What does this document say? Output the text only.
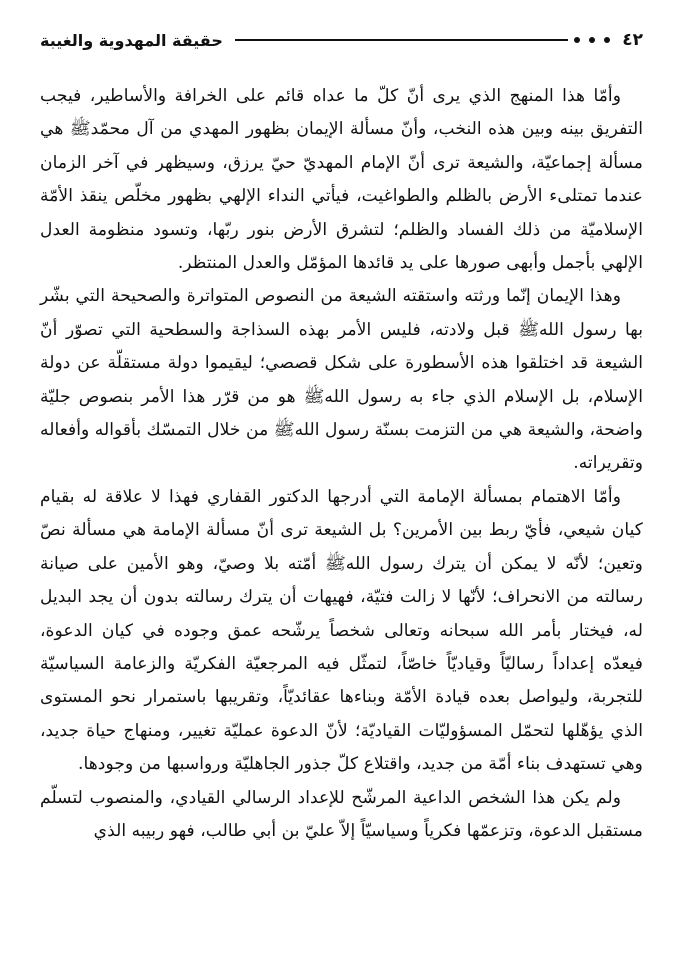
٤٢
حقيقة المهدوية والغيبة

وأمّا هذا المنهج الذي يرى أنّ كلّ ما عداه قائم على الخرافة والأساطير، فيجب التفريق بينه وبين هذه النخب، وأنّ مسألة الإيمان بظهور المهدي من آل محمّدﷺ هي مسألة إجماعيّة، والشيعة ترى أنّ الإمام المهديّ حيّ يرزق، وسيظهر في آخر الزمان عندما تمتلىء الأرض بالظلم والطواغيت، فيأتي النداء الإلهي بظهور مخلّص ينقذ الأمّة الإسلاميّة من ذلك الفساد والظلم؛ لتشرق الأرض بنور ربّها، وتسود منظومة العدل الإلهي بأجمل وأبهى صورها على يد قائدها المؤمّل والعدل المنتظر.

وهذا الإيمان إنّما ورثته واستقته الشيعة من النصوص المتواترة والصحيحة التي بشّر بها رسول اللهﷺ قبل ولادته، فليس الأمر بهذه السذاجة والسطحية التي تصوّر أنّ الشيعة قد اختلقوا هذه الأسطورة على شكل قصصي؛ ليقيموا دولة مستقلّة عن دولة الإسلام، بل الإسلام الذي جاء به رسول اللهﷺ هو من قرّر هذا الأمر بنصوص جليّة واضحة، والشيعة هي من التزمت بسنّة رسول اللهﷺ من خلال التمسّك بأقواله وأفعاله وتقريراته.

وأمّا الاهتمام بمسألة الإمامة التي أدرجها الدكتور القفاري فهذا لا علاقة له بقيام كيان شيعي، فأيّ ربط بين الأمرين؟ بل الشيعة ترى أنّ مسألة الإمامة هي مسألة نصّ وتعين؛ لأنّه لا يمكن أن يترك رسول اللهﷺ أمّته بلا وصيّ، وهو الأمين على صيانة رسالته من الانحراف؛ لأنّها لا زالت فتيّة، فهيهات أن يترك رسالته بدون أن يجد البديل له، فيختار بأمر الله سبحانه وتعالى شخصاً يرشّحه عمق وجوده في كيان الدعوة، فيعدّه إعداداً رساليّاً وقياديّاً خاصّاً، لتمثّل فيه المرجعيّة الفكريّة والزعامة السياسيّة للتجربة، وليواصل بعده قيادة الأمّة وبناءها عقائديّاً، وتقريبها باستمرار نحو المستوى الذي يؤهّلها لتحمّل المسؤوليّات القياديّة؛ لأنّ الدعوة عمليّة تغيير، ومنهاج حياة جديد، وهي تستهدف بناء أمّة من جديد، واقتلاع كلّ جذور الجاهليّة ورواسبها من وجودها.

ولم يكن هذا الشخص الداعية المرشّح للإعداد الرسالي القيادي، والمنصوب لتسلّم مستقبل الدعوة، وتزعمّها فكرياً وسياسيّاً إلاّ عليّ بن أبي طالب، فهو ربيبه الذي
